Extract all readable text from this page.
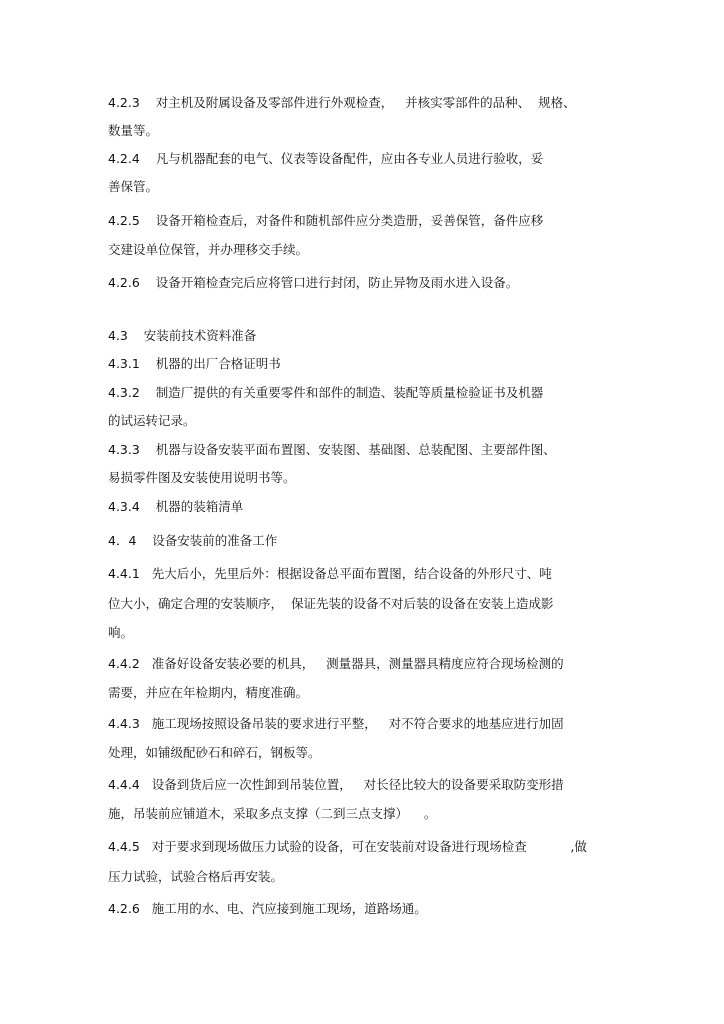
4.2.3    对主机及附属设备及零部件进行外观检查，   并核实零部件的品种、  规格、
数量等。
4.2.4    凡与机器配套的电气、仪表等设备配件，应由各专业人员进行验收，妥
善保管。
4.2.5    设备开箱检查后，对备件和随机部件应分类造册，妥善保管，备件应移
交建设单位保管，并办理移交手续。
4.2.6    设备开箱检查完后应将管口进行封闭，防止异物及雨水进入设备。
4.3    安装前技术资料准备
4.3.1    机器的出厂合格证明书
4.3.2    制造厂提供的有关重要零件和部件的制造、装配等质量检验证书及机器
的试运转记录。
4.3.3    机器与设备安装平面布置图、安装图、基础图、总装配图、主要部件图、
易损零件图及安装使用说明书等。
4.3.4    机器的装箱清单
4．4    设备安装前的准备工作
4.4.1   先大后小，先里后外：根据设备总平面布置图，结合设备的外形尺寸、吨
位大小，确定合理的安装顺序，  保证先装的设备不对后装的设备在安装上造成影
响。
4.4.2   准备好设备安装必要的机具，   测量器具，测量器具精度应符合现场检测的
需要，并应在年检期内，精度准确。
4.4.3   施工现场按照设备吊装的要求进行平整，   对不符合要求的地基应进行加固
处理，如铺级配砂石和碎石，钢板等。
4.4.4   设备到货后应一次性卸到吊装位置，   对长径比较大的设备要采取防变形措
施，吊装前应铺道木，采取多点支撑（二到三点支撑）    。
4.4.5   对于要求到现场做压力试验的设备，可在安装前对设备进行现场检查           ,做
压力试验，试验合格后再安装。
4.2.6   施工用的水、电、汽应接到施工现场，道路场通。
